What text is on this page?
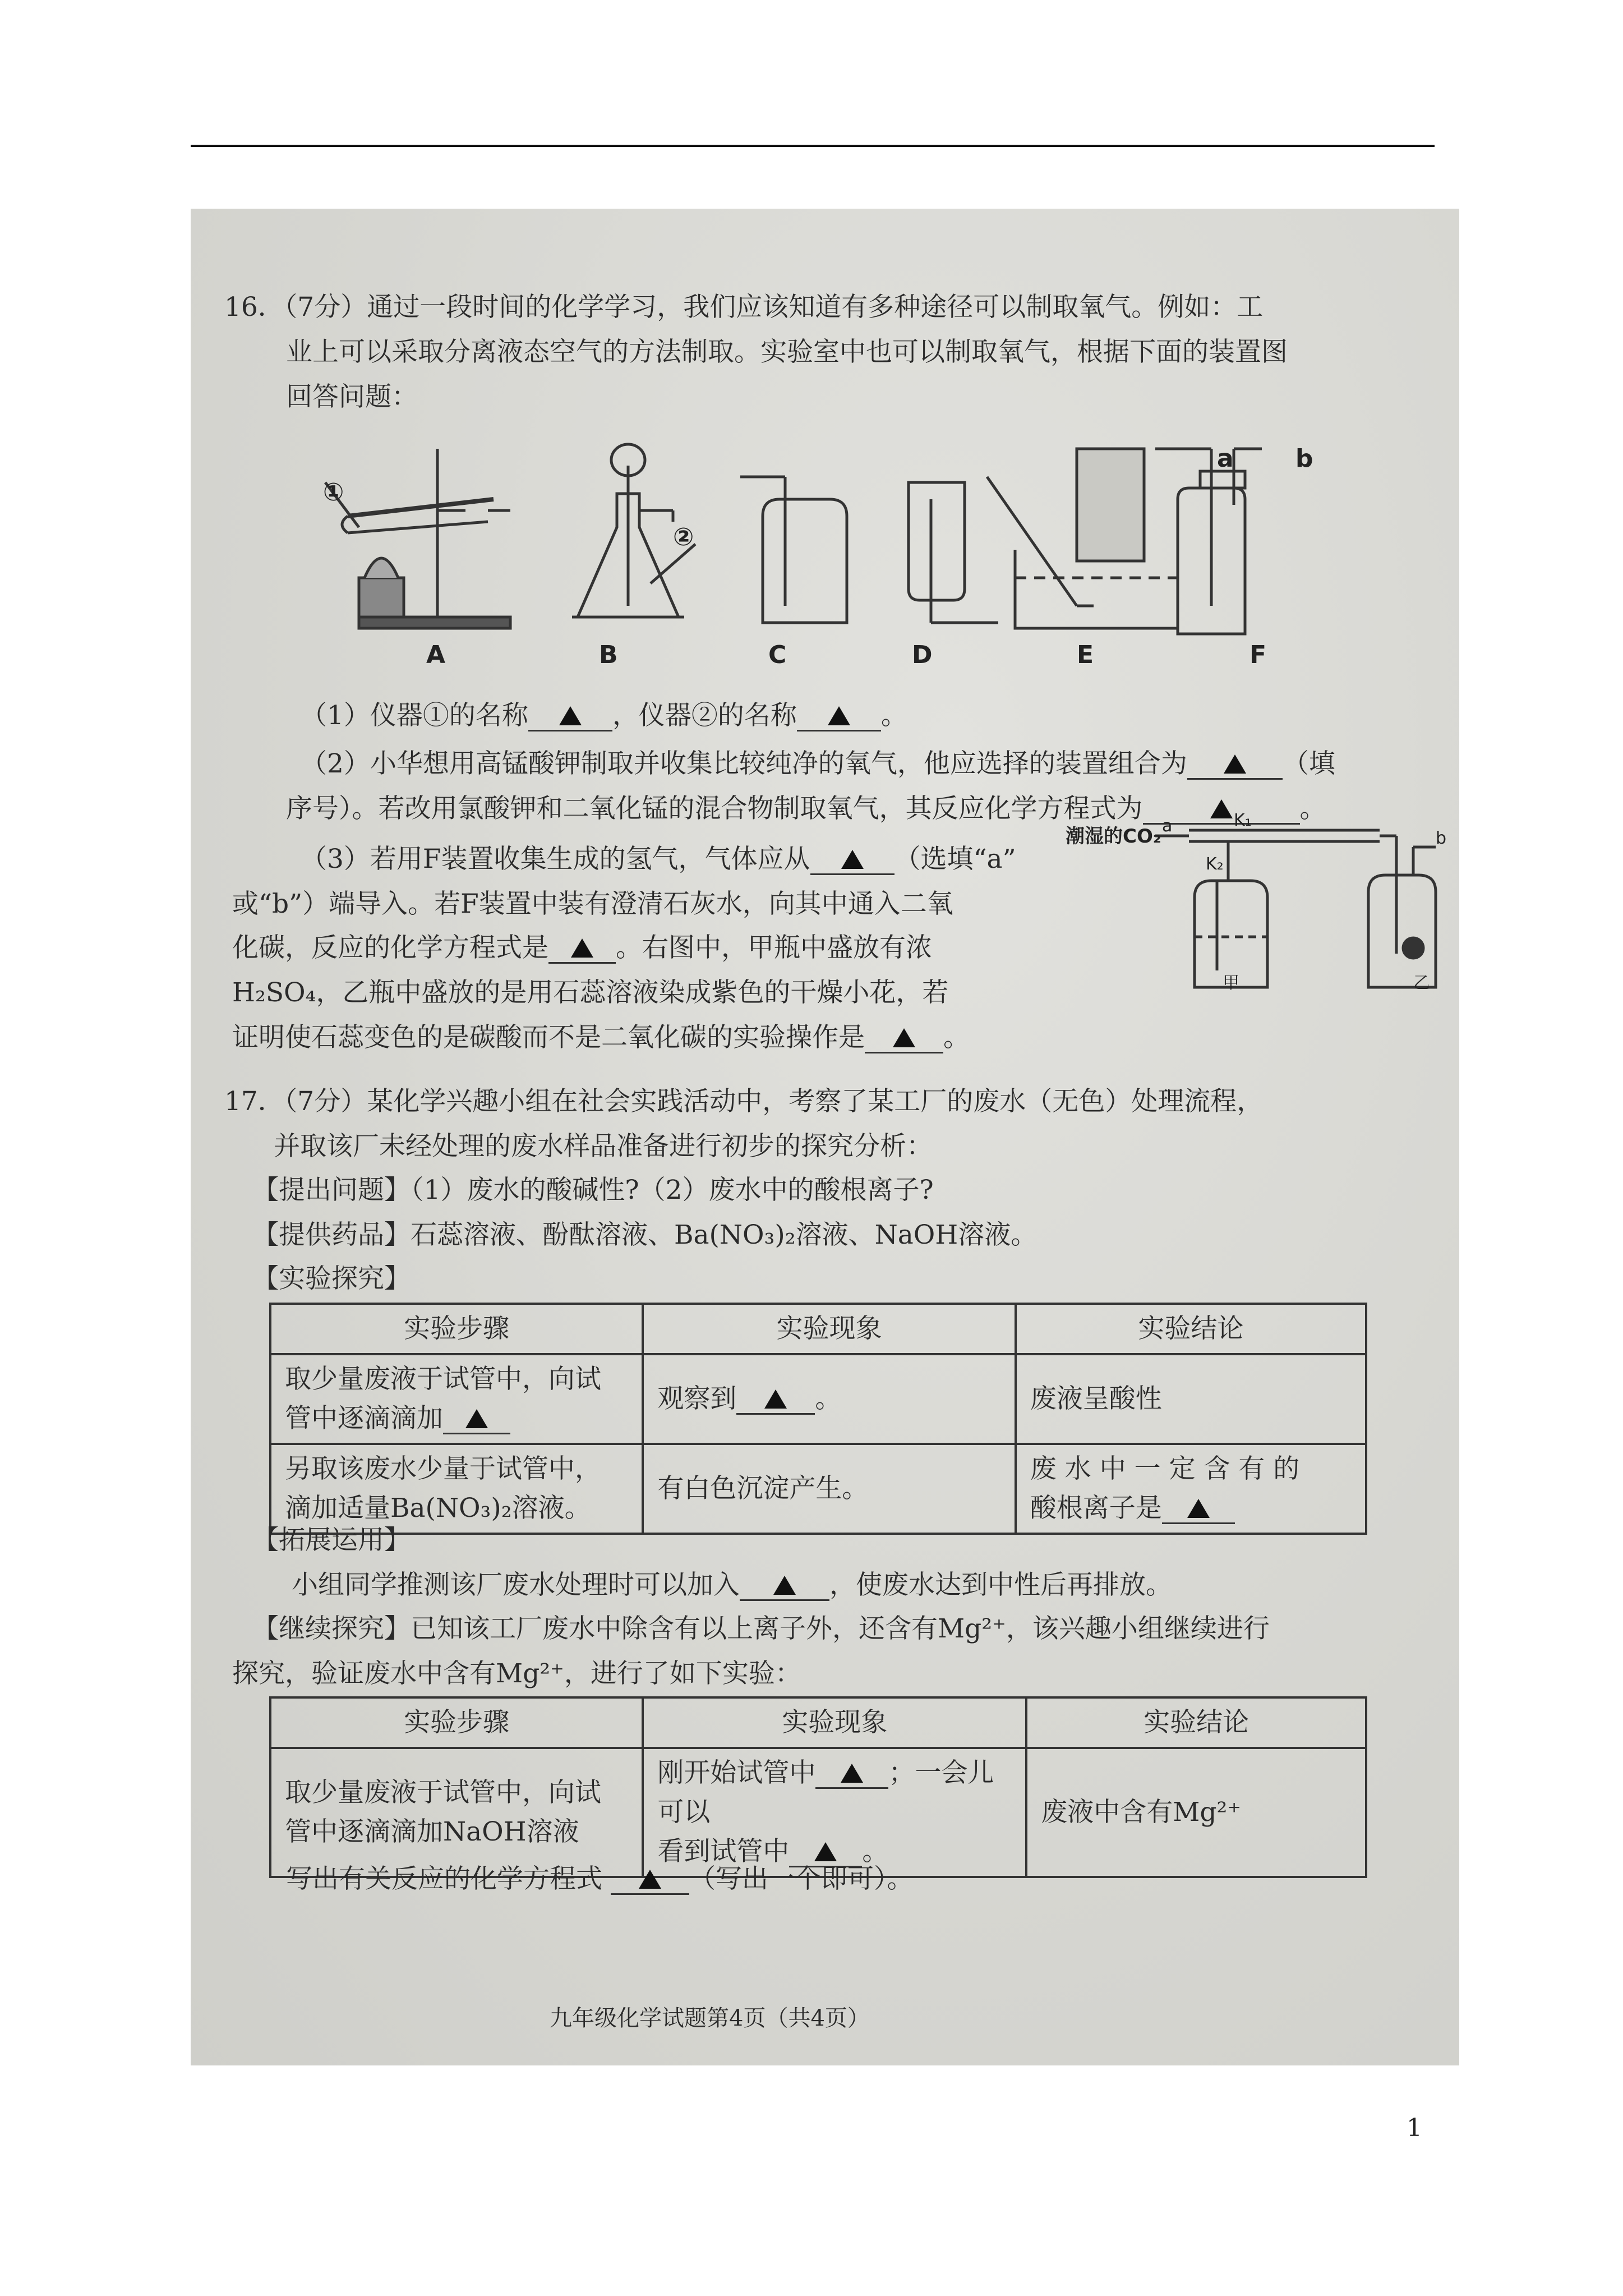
16．（7分）通过一段时间的化学学习，我们应该知道有多种途径可以制取氧气。例如：工
业上可以采取分离液态空气的方法制取。实验室中也可以制取氧气，根据下面的装置图
回答问题：
①
②
a	b
A	B	C	D	E	F
（1）仪器①的名称	，仪器②的名称	。
（2）小华想用高锰酸钾制取并收集比较纯净的氧气，他应选择的装置组合为	（填
序号）。若改用氯酸钾和二氧化锰的混合物制取氧气，其反应化学方程式为	。
（3）若用F装置收集生成的氢气，气体应从	（选填“a”
或“b”）端导入。若F装置中装有澄清石灰水，向其中通入二氧
化碳，反应的化学方程式是	。右图中，甲瓶中盛放有浓
H₂SO₄，乙瓶中盛放的是用石蕊溶液染成紫色的干燥小花，若
证明使石蕊变色的是碳酸而不是二氧化碳的实验操作是	。
潮湿的CO₂ a
b
K₁
K₂
甲	乙
17．（7分）某化学兴趣小组在社会实践活动中，考察了某工厂的废水（无色）处理流程，
并取该厂未经处理的废水样品准备进行初步的探究分析：
【提出问题】（1）废水的酸碱性?（2）废水中的酸根离子?
【提供药品】石蕊溶液、酚酞溶液、Ba(NO₃)₂溶液、NaOH溶液。
【实验探究】
实验步骤	实验现象	实验结论
取少量废液于试管中，向试
管中逐滴滴加	观察到 。	废液呈酸性
另取该废水少量于试管中，
滴加适量Ba(NO₃)₂溶液。	有白色沉淀产生。	废 水 中 一 定 含 有 的
酸根离子是
【拓展运用】
小组同学推测该厂废水处理时可以加入	，使废水达到中性后再排放。
【继续探究】已知该工厂废水中除含有以上离子外，还含有Mg²⁺，该兴趣小组继续进行
探究，验证废水中含有Mg²⁺，进行了如下实验：
实验步骤	实验现象	实验结论
取少量废液于试管中，向试
管中逐滴滴加NaOH溶液	刚开始试管中 ；一会儿可以
看到试管中 。	废液中含有Mg²⁺
写出有关反应的化学方程式	（写出一个即可）。
九年级化学试题第4页（共4页）
1
